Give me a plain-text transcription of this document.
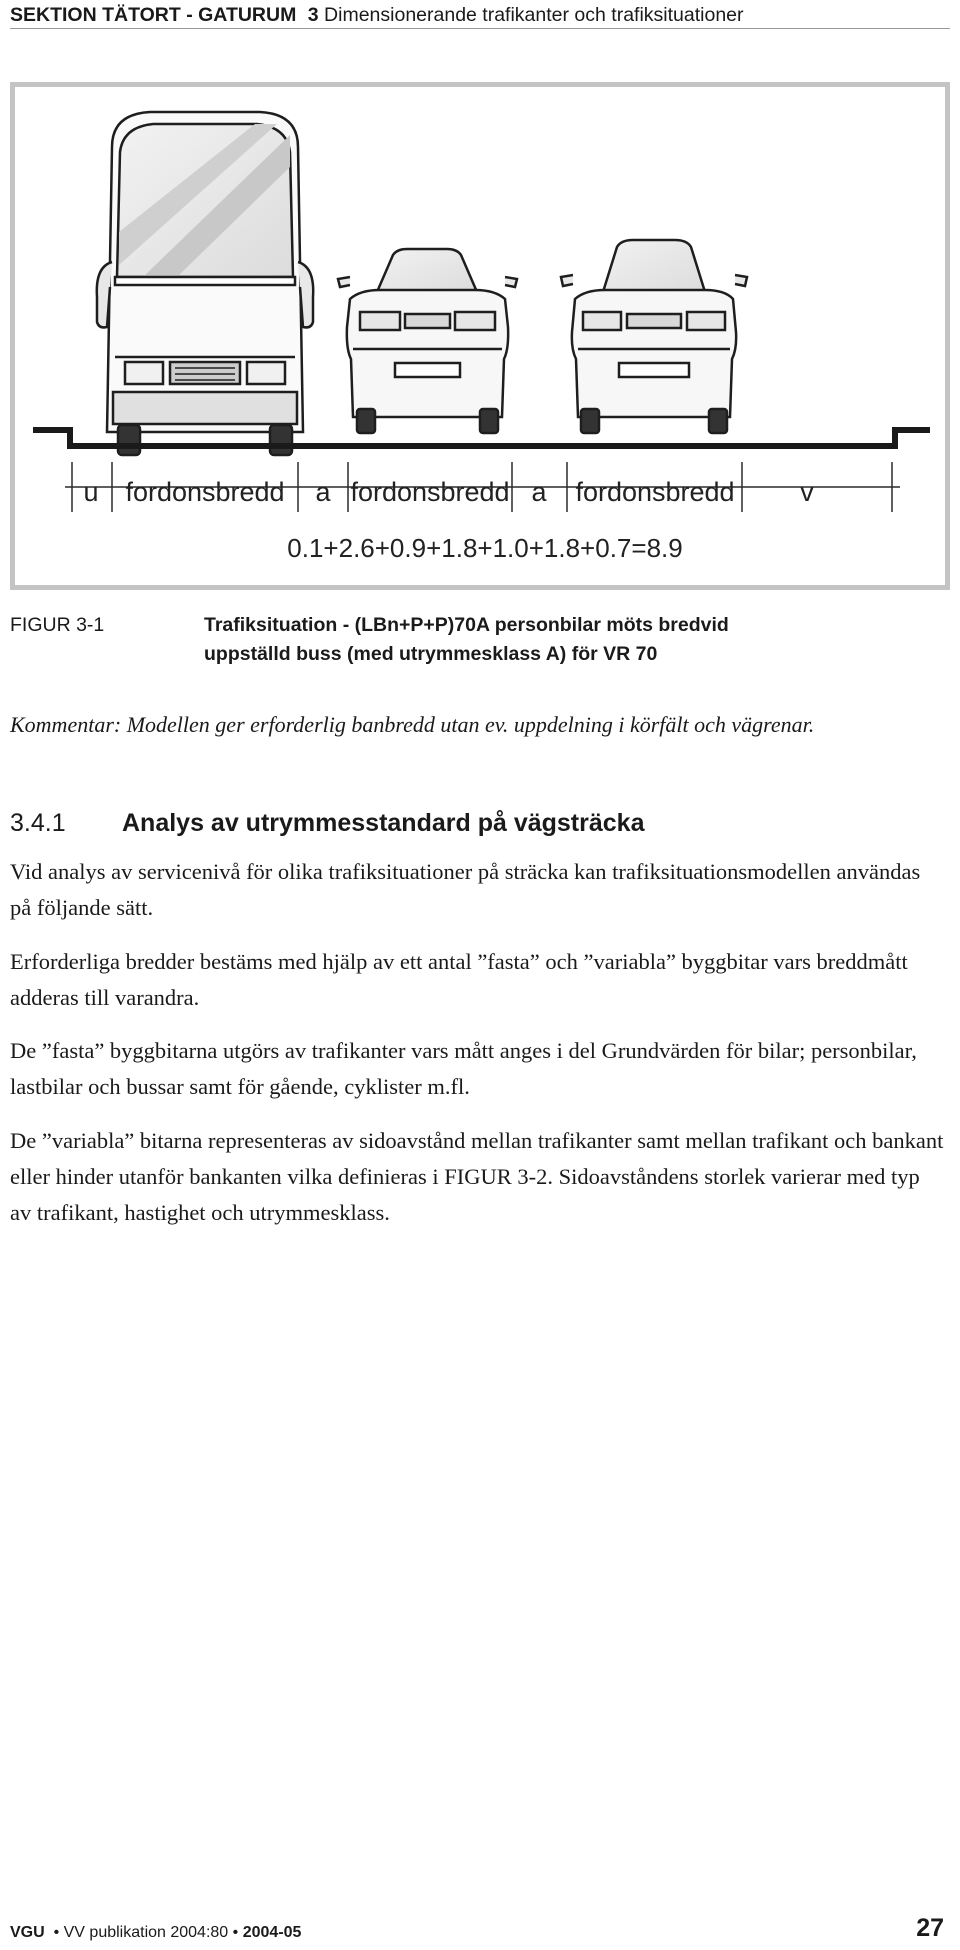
SEKTION TÄTORT - GATURUM 3 Dimensionerande trafikanter och trafiksituationer
u fordonsbredd a fordonsbredd a fordonsbredd v
0.1+2.6+0.9+1.8+1.0+1.8+0.7=8.9
FIGUR 3-1	Trafiksituation - (LBn+P+P)70A personbilar möts bredvid
uppställd buss (med utrymmesklass A) för VR 70
Kommentar: Modellen ger erforderlig banbredd utan ev. uppdelning i körfält och vägrenar.
3.4.1 Analys av utrymmesstandard på vägsträcka

Vid analys av servicenivå för olika trafiksituationer på sträcka kan trafiksituationsmodellen användas på följande sätt.

Erforderliga bredder bestäms med hjälp av ett antal ”fasta” och ”variabla” byggbitar vars breddmått adderas till varandra.

De ”fasta” byggbitarna utgörs av trafikanter vars mått anges i del Grundvärden för bilar; personbilar, lastbilar och bussar samt för gående, cyklister m.fl.

De ”variabla” bitarna representeras av sidoavstånd mellan trafikanter samt mellan trafikant och bankant eller hinder utanför bankanten vilka definieras i FIGUR 3-2. Sidoavståndens storlek varierar med typ av trafikant, hastighet och utrymmesklass.

VGU • VV publikation 2004:80 • 2004-05	27
